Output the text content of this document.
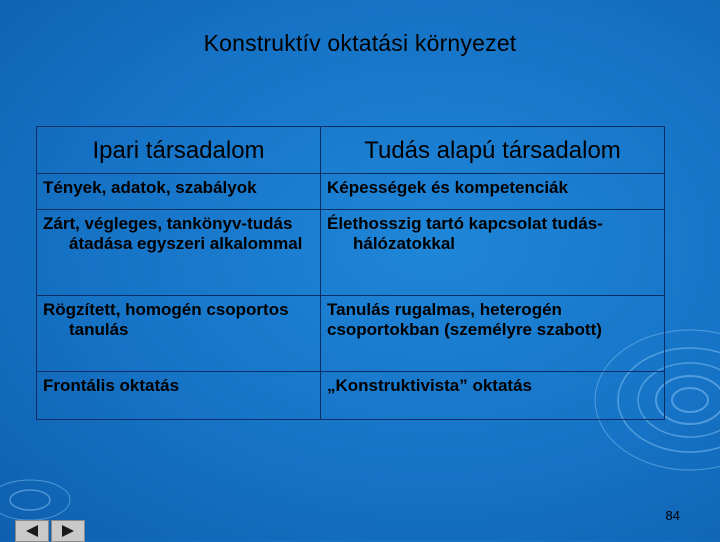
Konstruktív oktatási környezet
Ipari társadalom	Tudás alapú társadalom

Tények, adatok, szabályok	Képességek és kompetenciák

Zárt, végleges, tankönyv-tudás átadása egyszeri alkalommal	Élethosszig tartó kapcsolat tudás-hálózatokkal

Rögzített, homogén csoportos tanulás	Tanulás rugalmas, heterogén csoportokban (személyre szabott)

Frontális oktatás	„Konstruktivista” oktatás
84
